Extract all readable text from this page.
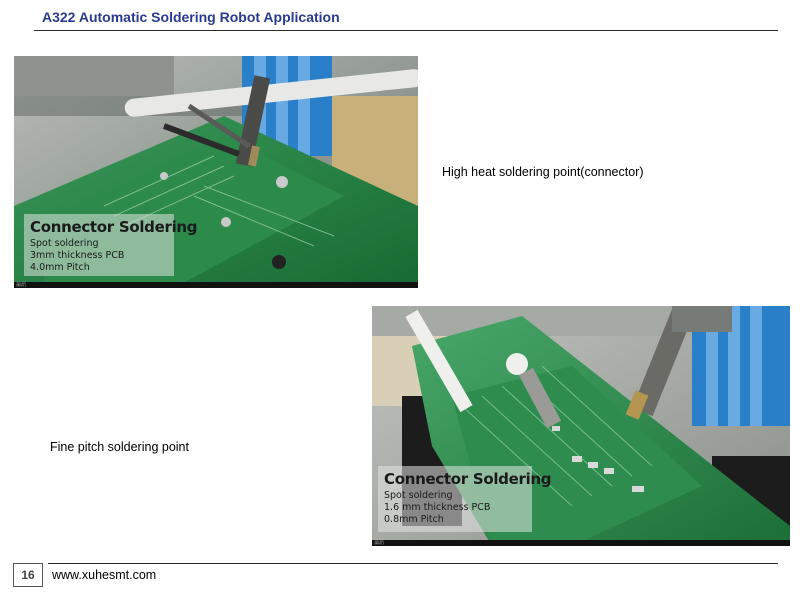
A322 Automatic Soldering Robot Application
Connector Soldering
Spot soldering
3mm thickness PCB
4.0mm Pitch
論語
High heat soldering point(connector)
Connector Soldering
Spot soldering
1.6 mm thickness PCB
0.8mm Pitch
論語
Fine pitch soldering point
16	www.xuhesmt.com
